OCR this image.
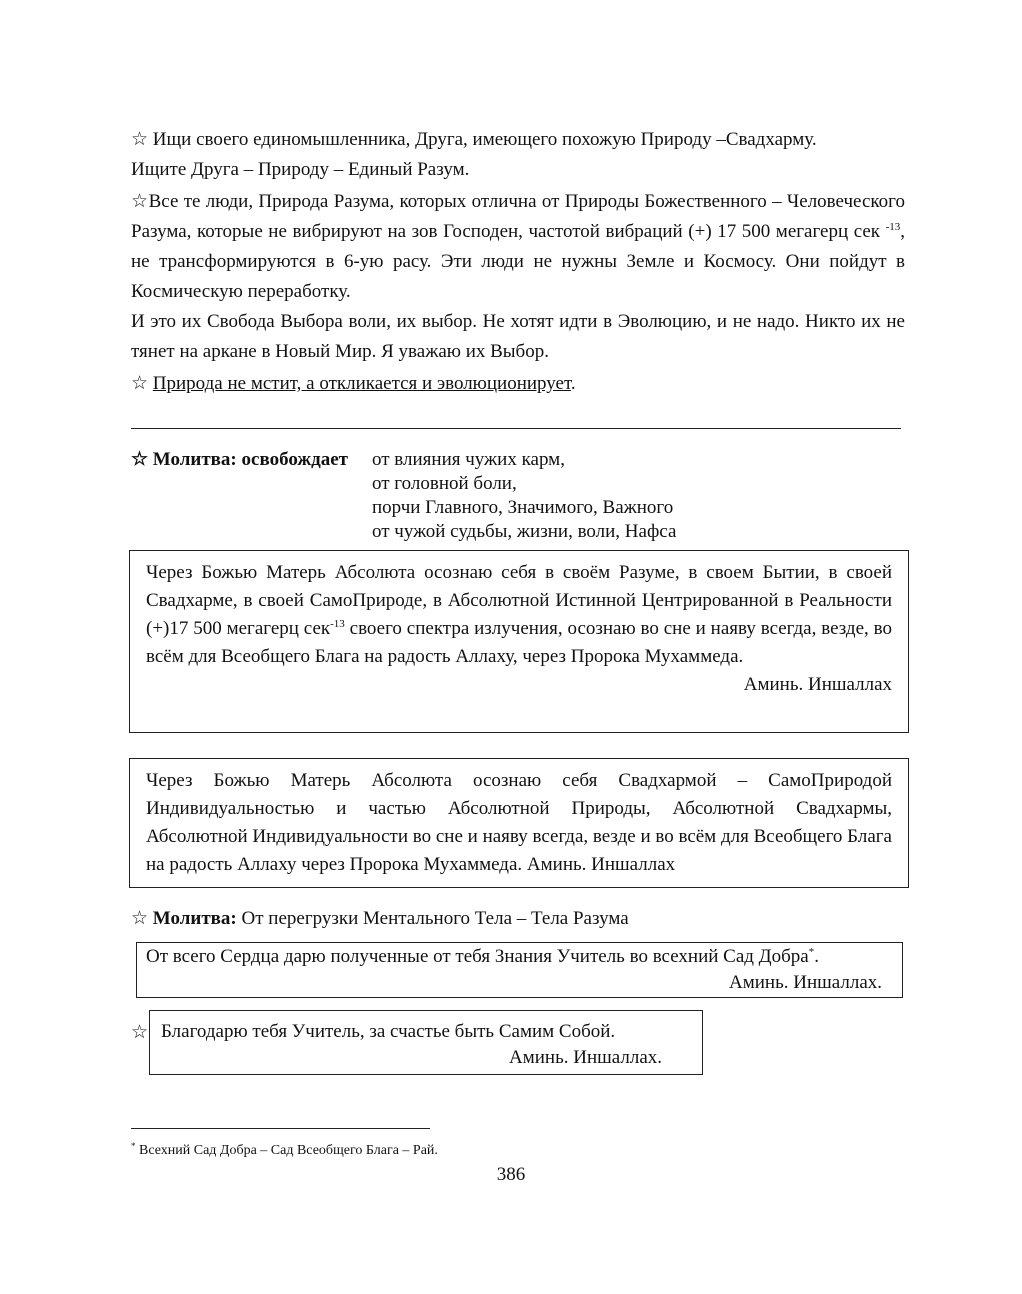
☆ Ищи своего единомышленника, Друга, имеющего похожую Природу –Свадхарму.

Ищите Друга – Природу – Единый Разум.

☆Все те люди, Природа Разума, которых отлична от Природы Божественного – Человеческого Разума, которые не вибрируют на зов Господен, частотой вибраций (+) 17 500 мегагерц сек $^{-13}$, не трансформируются в 6-ую расу. Эти люди не нужны Земле и Космосу. Они пойдут в Космическую переработку.

И это их Свобода Выбора воли, их выбор. Не хотят идти в Эволюцию, и не надо. Никто их не тянет на аркане в Новый Мир. Я уважаю их Выбор.

☆ Природа не мстит, а откликается и эволюционирует.

☆ Молитва: освобождает	от влияния чужих карм,
от головной боли,
порчи Главного, Значимого, Важного
от чужой судьбы, жизни, воли, Нафса

Через Божью Матерь Абсолюта осознаю себя в своём Разуме, в своем Бытии, в своей Свадхарме, в своей СамоПрироде, в Абсолютной Истинной Центрированной в Реальности (+)17 500 мегагерц сек$^{-13}$ своего спектра излучения, осознаю во сне и наяву всегда, везде, во всём для Всеобщего Блага на радость Аллаху, через Пророка Мухаммеда.

Аминь. Иншаллах

Через Божью Матерь Абсолюта осознаю себя Свадхармой – СамоПриродой Индивидуальностью и частью Абсолютной Природы, Абсолютной Свадхармы, Абсолютной Индивидуальности во сне и наяву всегда, везде и во всём для Всеобщего Блага на радость Аллаху через Пророка Мухаммеда. Аминь. Иншаллах

☆ Молитва: От перегрузки Ментального Тела – Тела Разума

От всего Сердца дарю полученные от тебя Знания Учитель во всехний Сад Добра*.

Аминь. Иншаллах.

☆ Благодарю тебя Учитель, за счастье быть Самим Собой.

Аминь. Иншаллах.

* Всехний Сад Добра – Сад Всеобщего Блага – Рай.
386
